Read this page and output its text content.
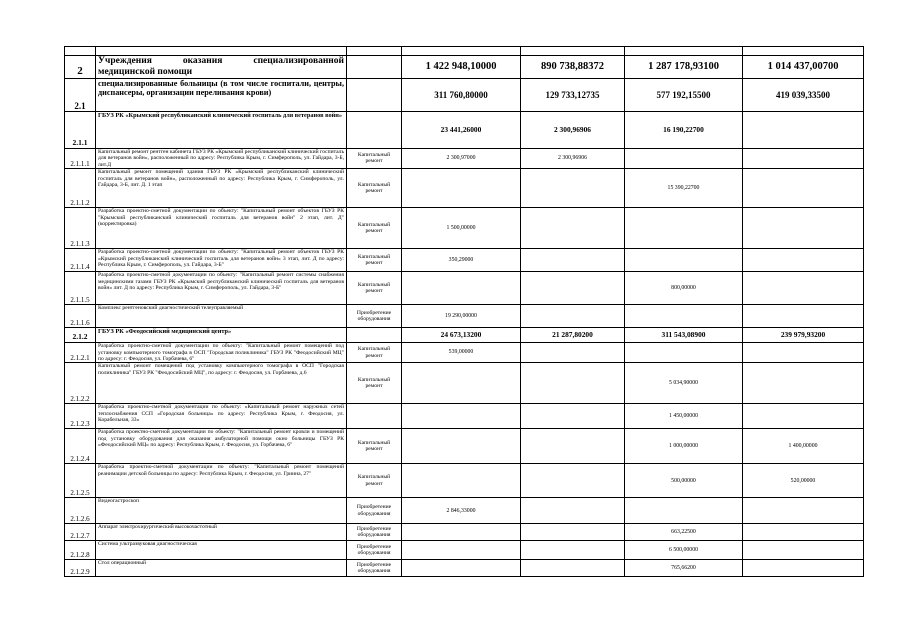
2	Учреждения оказания специализированной медицинской помощи		1 422 948,10000	890 738,88372	1 287 178,93100	1 014 437,00700
2.1	специализированные больницы (в том числе госпитали, центры, диспансеры, организации переливания крови)		311 760,80000	129 733,12735	577 192,15500	419 039,33500
2.1.1	ГБУЗ РК «Крымский республиканский клинический госпиталь для ветеранов войн»		23 441,26000	2 300,96906	16 190,22700	
2.1.1.1	Капитальный ремонт рентген кабинета ГБУЗ РК «Крымский республиканский клинический госпиталь для ветеранов войн», расположенный по адресу: Республика Крым, г. Симферополь, ул. Гайдара, 3-Б, лит.Д	Капитальный ремонт	2 300,97000	2 300,96906		
2.1.1.2	Капитальный ремонт помещений здания ГБУЗ РК «Крымский республиканский клинический госпиталь для ветеранов войн», расположенный по адресу: Республика Крым, г. Симферополь, ул. Гайдара, 3-Б, лит. Д. 1 этап	Капитальный ремонт			15 390,22700	
2.1.1.3	Разработка проектно-сметной документации по объекту: "Капитальный ремонт объектов ГБУЗ РК "Крымский республиканский клинический госпиталь для ветеранов войн" 2 этап, лит. Д" (корректировка)	Капитальный ремонт	1 500,00000			
2.1.1.4	Разработка проектно-сметной документации по объекту: "Капитальный ремонт объектов ГБУЗ РК «Крымский республиканский клинический госпиталь для ветеранов войн» 3 этап, лит. Д по адресу: Республика Крым, г. Симферополь, ул. Гайдара, 3-Б"	Капитальный ремонт	350,29000			
2.1.1.5	Разработка проектно-сметной документации по объекту: "Капитальный ремонт системы снабжения медицинскими газами ГБУЗ РК «Крымский республиканский клинический госпиталь для ветеранов войн» лит. Д по адресу: Республика Крым, г. Симферополь, ул. Гайдара, 3-Б"	Капитальный ремонт			800,00000	
2.1.1.6	Комплекс рентгеновский диагностический телеуправляемый	Приобретение оборудования	19 290,00000			
2.1.2	ГБУЗ РК «Феодосийский медицинский центр»		24 673,13200	21 287,80200	311 543,08900	239 979,93200
2.1.2.1	Разработка проектно-сметной документации по объекту: "Капитальный ремонт помещений под установку компьютерного томографа в ОСП "Городская поликлиника" ГБУЗ РК "Феодосийский МЦ" по адресу: г. Феодосия, ул. Горбачева, 6"	Капитальный ремонт	539,00000			
2.1.2.2	Капитальный ремонт помещений под установку компьютерного томографа в ОСП "Городская поликлиника" ГБУЗ РК "Феодосийский МЦ", по адресу: г. Феодосия, ул. Горбачева, д.6	Капитальный ремонт			5 034,90000	
2.1.2.3	Разработка проектно-сметной документации по объекту: «Капитальный ремонт наружных сетей теплоснабжения ССП «Городская больница» по адресу: Республика Крым, г. Феодосия, ул. Корабельная, 33»				1 450,00000	
2.1.2.4	Разработка проектно-сметной документации по объекту: "Капитальный ремонт кровли и помещений под установку оборудования для оказания амбулаторной помощи окно больницы ГБУЗ РК «Феодосийский МЦ» по адресу: Республика Крым, г. Феодосия, ул. Горбачева, 6"	Капитальный ремонт			1 000,00000	1 400,00000
2.1.2.5	Разработка проектно-сметной документации по объекту: "Капитальный ремонт помещений реанимации детской больницы по адресу: Республика Крым, г. Феодосия, ул. Гриина, 27"	Капитальный ремонт			500,00000	520,00000
2.1.2.6	Видеогастроскоп	Приобретение оборудования	2 846,33000			
2.1.2.7	Аппарат электрохирургический высокочастотный	Приобретение оборудования			663,22500	
2.1.2.8	Система ультразвуковая диагностическая	Приобретение оборудования			6 500,00000	
2.1.2.9	Стол операционный	Приобретение оборудования			765,66200	
